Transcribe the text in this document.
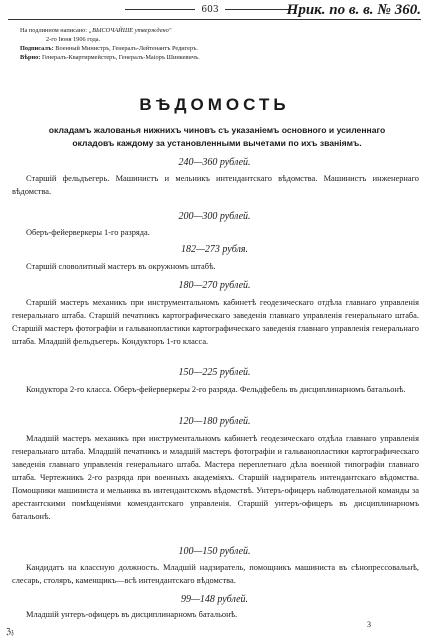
603	Прик. по в. в. № 360.
На подлинном написано: „ВЫСОЧАЙШЕ утверждено"
2-го Іюня 1906 года.
Подписалъ: Военный Министръ, Генералъ-Лейтенантъ Редигеръ.
Вѣрно: Генералъ-Квартирмейстеръ, Генералъ-Маіоръ Шинкевичъ.
ВѢДОМОСТЬ
окладамъ жалованья нижнихъ чиновъ съ указаніемъ основного и усиленнаго окладовъ каждому за установленными вычетами по ихъ званіямъ.
240—360 рублей.
Старшій фельдъегерь. Машинистъ и мельникъ интендантскаго вѣдомства. Машинистъ инженернаго вѣдомства.
200—300 рублей.
Оберъ-фейерверкеры 1-го разряда.
182—273 рубля.
Старшій словолитный мастеръ въ окружномъ штабѣ.
180—270 рублей.
Старшій мастеръ механикъ при инструментальномъ кабинетѣ геодезическаго отдѣла главнаго управленія генеральнаго штаба. Старшій печатникъ картографическаго заведенія главнаго управленія генеральнаго штаба. Старшій мастеръ фотографіи и гальванопластики картографическаго заведенія главнаго управленія генеральнаго штаба. Младшій фельдъегерь. Кондукторъ 1-го класса.
150—225 рублей.
Кондуктора 2-го класса. Оберъ-фейерверкеры 2-го разряда. Фельдфебель въ дисциплинарномъ батальонѣ.
120—180 рублей.
Младшій мастеръ механикъ при инструментальномъ кабинетѣ геодезическаго отдѣла главнаго управленія генеральнаго штаба. Младшій печатникъ и младшій мастеръ фотографіи и гальванопластики картографическаго заведенія главнаго управленія генеральнаго штаба. Мастера переплетнаго дѣла военной типографіи главнаго штаба. Чертежникъ 2-го разряда при военныхъ академіяхъ. Старшій надзиратель интендантскаго вѣдомства. Помощники машиниста и мельника въ интендантскомъ вѣдомствѣ. Унтеръ-офицеръ наблюдательной команды за арестантскими помѣщеніями комендантскаго управленія. Старшій унтеръ-офицеръ въ дисциплинарномъ батальонѣ.
100—150 рублей.
Кандидатъ на классную должность. Младшій надзиратель, помощникъ машиниста въ сѣнопрессовальнѣ, слесарь, столяръ, каменщикъ—всѣ интендантскаго вѣдомства.
99—148 рублей.
Младшій унтеръ-офицеръ въ дисциплинарномъ батальонѣ.
ℨ𝔷
3
